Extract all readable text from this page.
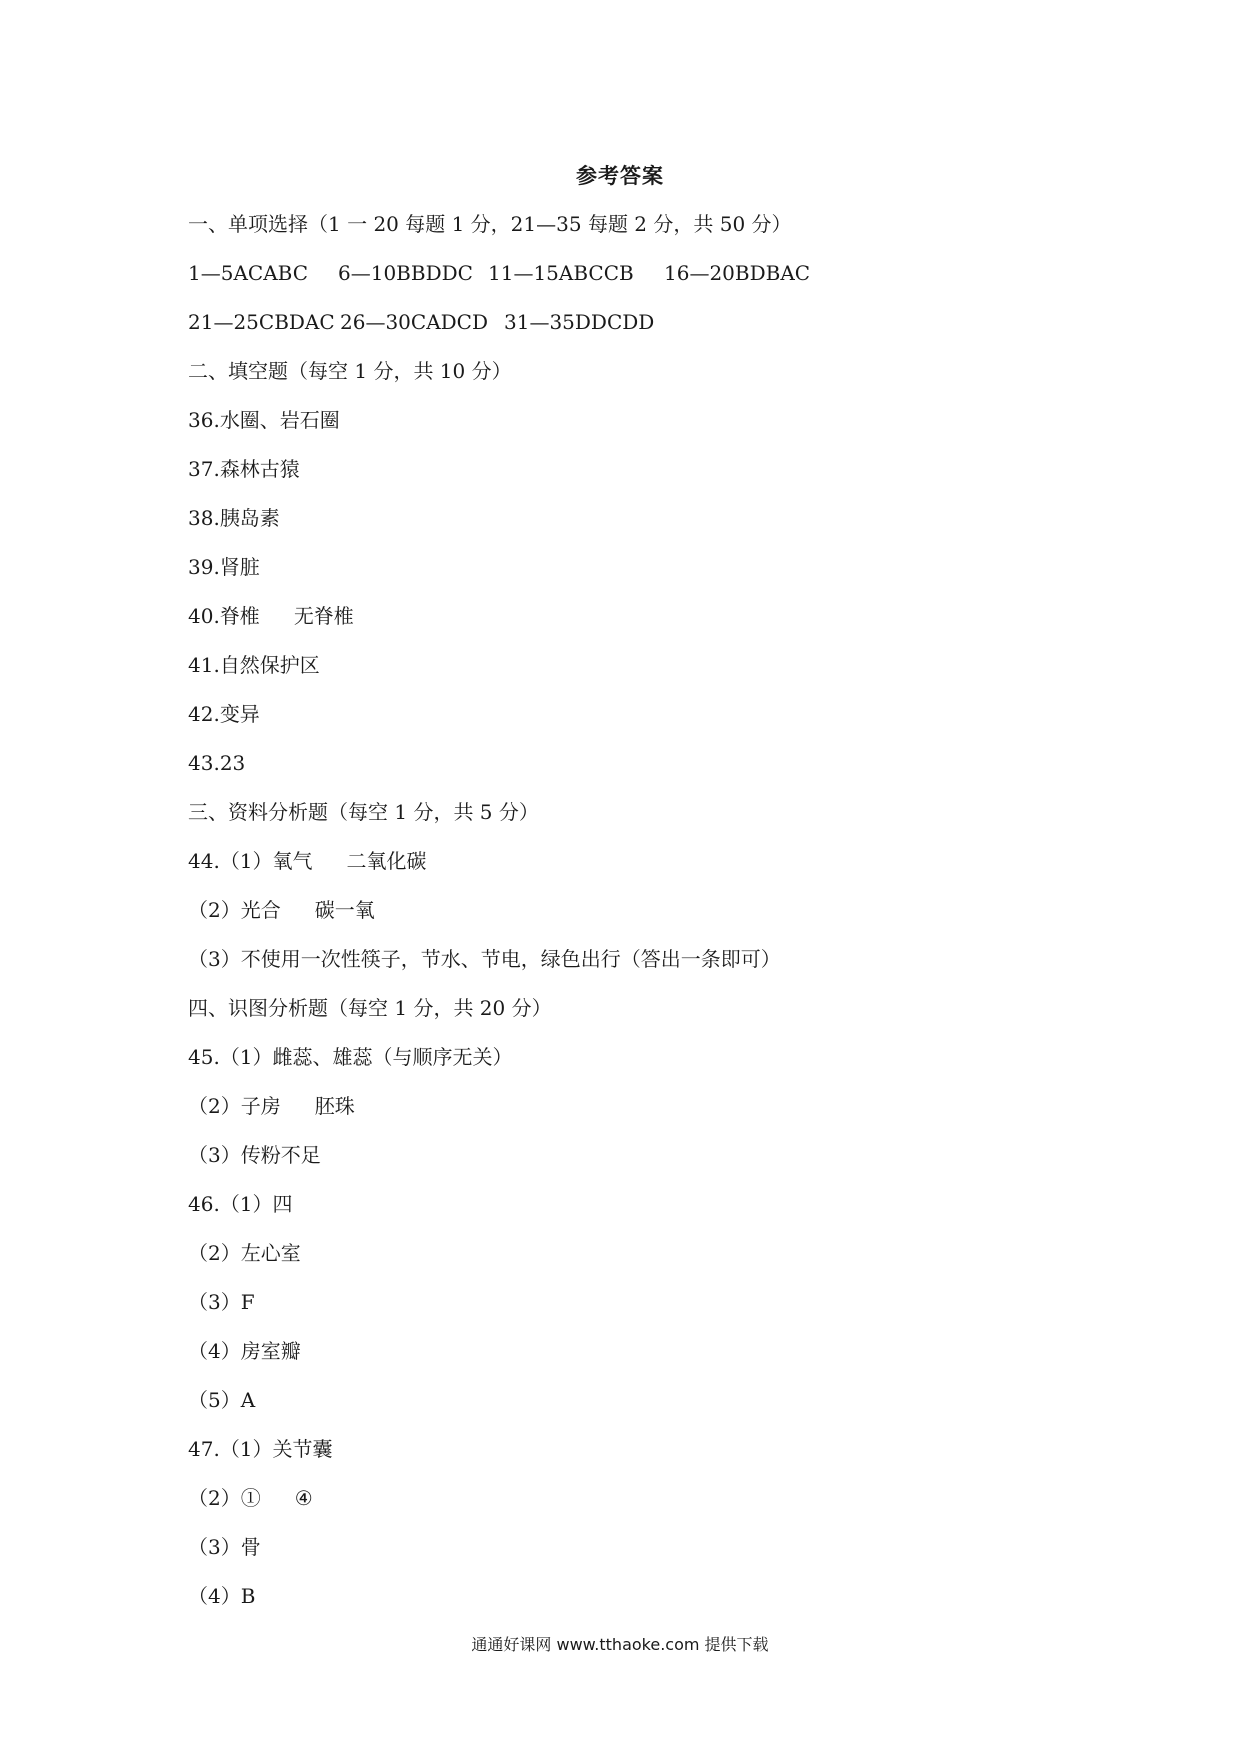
参考答案
一、单项选择（1 一 20 每题 1 分，21—35 每题 2 分，共 50 分）
1—5ACABC 6—10BBDDC 11—15ABCCB 16—20BDBAC
21—25CBDAC 26—30CADCD 31—35DDCDD
二、填空题（每空 1 分，共 10 分）
36.水圈、岩石圈
37.森林古猿
38.胰岛素
39.肾脏
40.脊椎 无脊椎
41.自然保护区
42.变异
43.23
三、资料分析题（每空 1 分，共 5 分）
44.（1）氧气 二氧化碳
（2）光合 碳一氧
（3）不使用一次性筷子，节水、节电，绿色出行（答出一条即可）
四、识图分析题（每空 1 分，共 20 分）
45.（1）雌蕊、雄蕊（与顺序无关）
（2）子房 胚珠
（3）传粉不足
46.（1）四
（2）左心室
（3）F
（4）房室瓣
（5）A
47.（1）关节囊
（2）① ④
（3）骨
（4）B
通通好课网 www.tthaoke.com 提供下载
